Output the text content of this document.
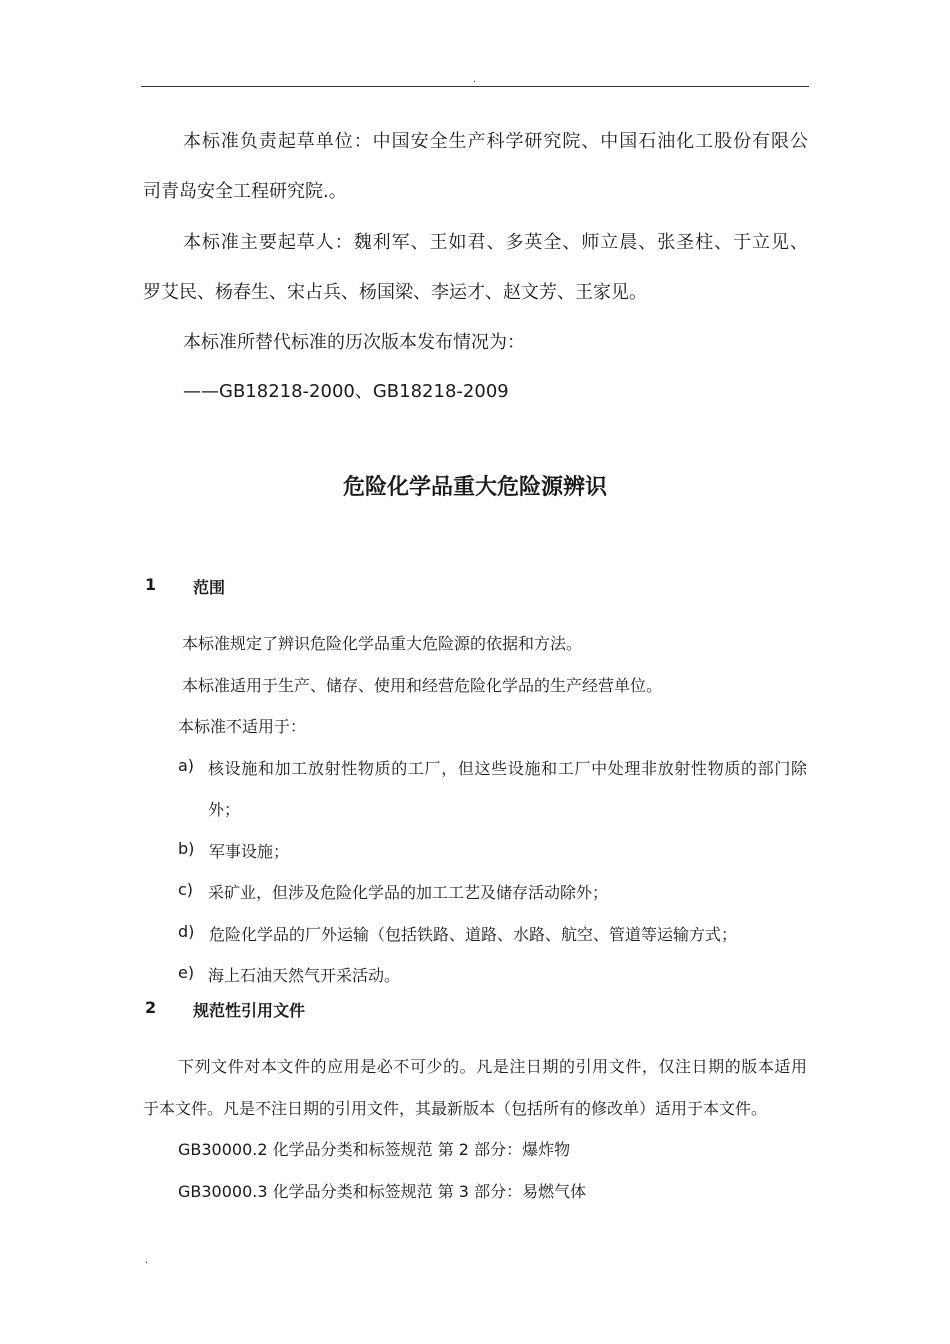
.
本标准负责起草单位：中国安全生产科学研究院、中国石油化工股份有限公
司青岛安全工程研究院.。
本标准主要起草人：魏利军、王如君、多英全、师立晨、张圣柱、于立见、
罗艾民、杨春生、宋占兵、杨国梁、李运才、赵文芳、王家见。
本标准所替代标准的历次版本发布情况为：
——GB18218-2000、GB18218-2009
危险化学品重大危险源辨识
1 范围
本标准规定了辨识危险化学品重大危险源的依据和方法。
本标准适用于生产、储存、使用和经营危险化学品的生产经营单位。
本标准不适用于：
a) 核设施和加工放射性物质的工厂，但这些设施和工厂中处理非放射性物质的部门除
外；
b) 军事设施；
c) 采矿业，但涉及危险化学品的加工工艺及储存活动除外；
d) 危险化学品的厂外运输（包括铁路、道路、水路、航空、管道等运输方式；
e) 海上石油天然气开采活动。
2 规范性引用文件
下列文件对本文件的应用是必不可少的。凡是注日期的引用文件，仅注日期的版本适用
于本文件。凡是不注日期的引用文件，其最新版本（包括所有的修改单）适用于本文件。
GB30000.2 化学品分类和标签规范 第 2 部分：爆炸物
GB30000.3 化学品分类和标签规范 第 3 部分：易燃气体
.
